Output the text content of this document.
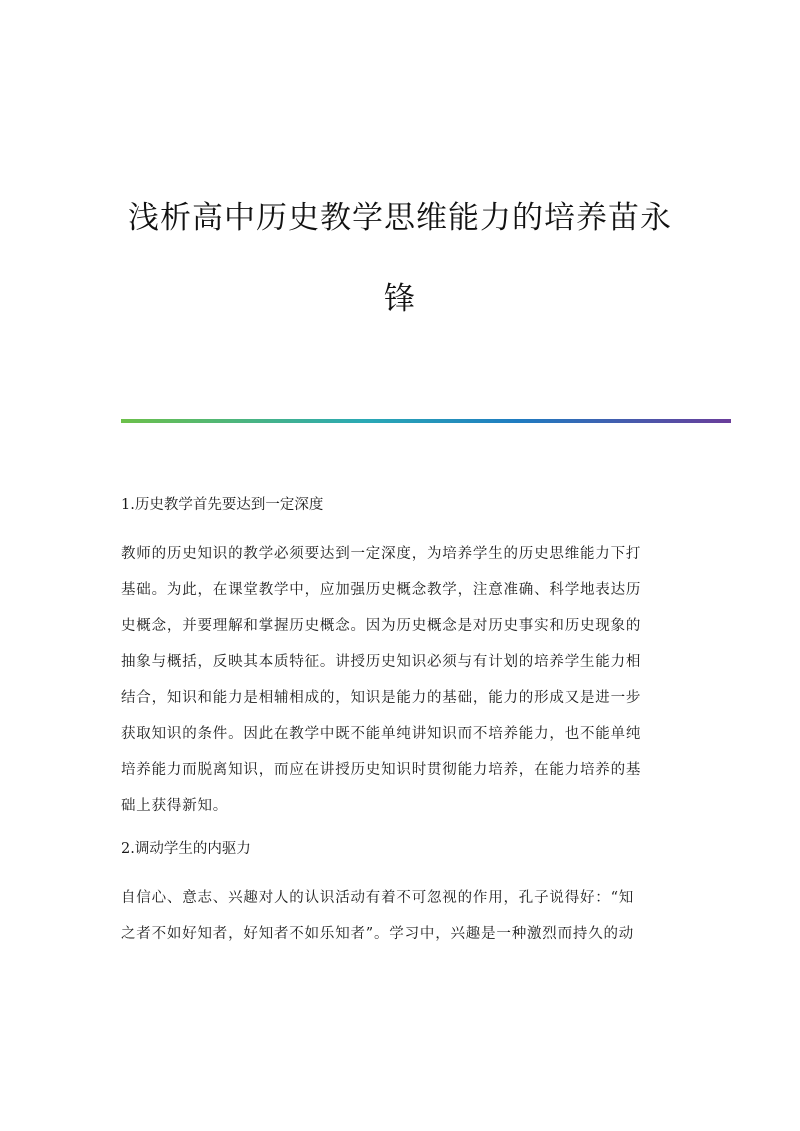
浅析高中历史教学思维能力的培养苗永
锋
1.历史教学首先要达到一定深度
教师的历史知识的教学必须要达到一定深度，为培养学生的历史思维能力下打
基础。为此，在课堂教学中，应加强历史概念教学，注意准确、科学地表达历
史概念，并要理解和掌握历史概念。因为历史概念是对历史事实和历史现象的
抽象与概括，反映其本质特征。讲授历史知识必须与有计划的培养学生能力相
结合，知识和能力是相辅相成的，知识是能力的基础，能力的形成又是进一步
获取知识的条件。因此在教学中既不能单纯讲知识而不培养能力，也不能单纯
培养能力而脱离知识，而应在讲授历史知识时贯彻能力培养，在能力培养的基
础上获得新知。
2.调动学生的内驱力
自信心、意志、兴趣对人的认识活动有着不可忽视的作用，孔子说得好：“知
之者不如好知者，好知者不如乐知者”。学习中，兴趣是一种激烈而持久的动
